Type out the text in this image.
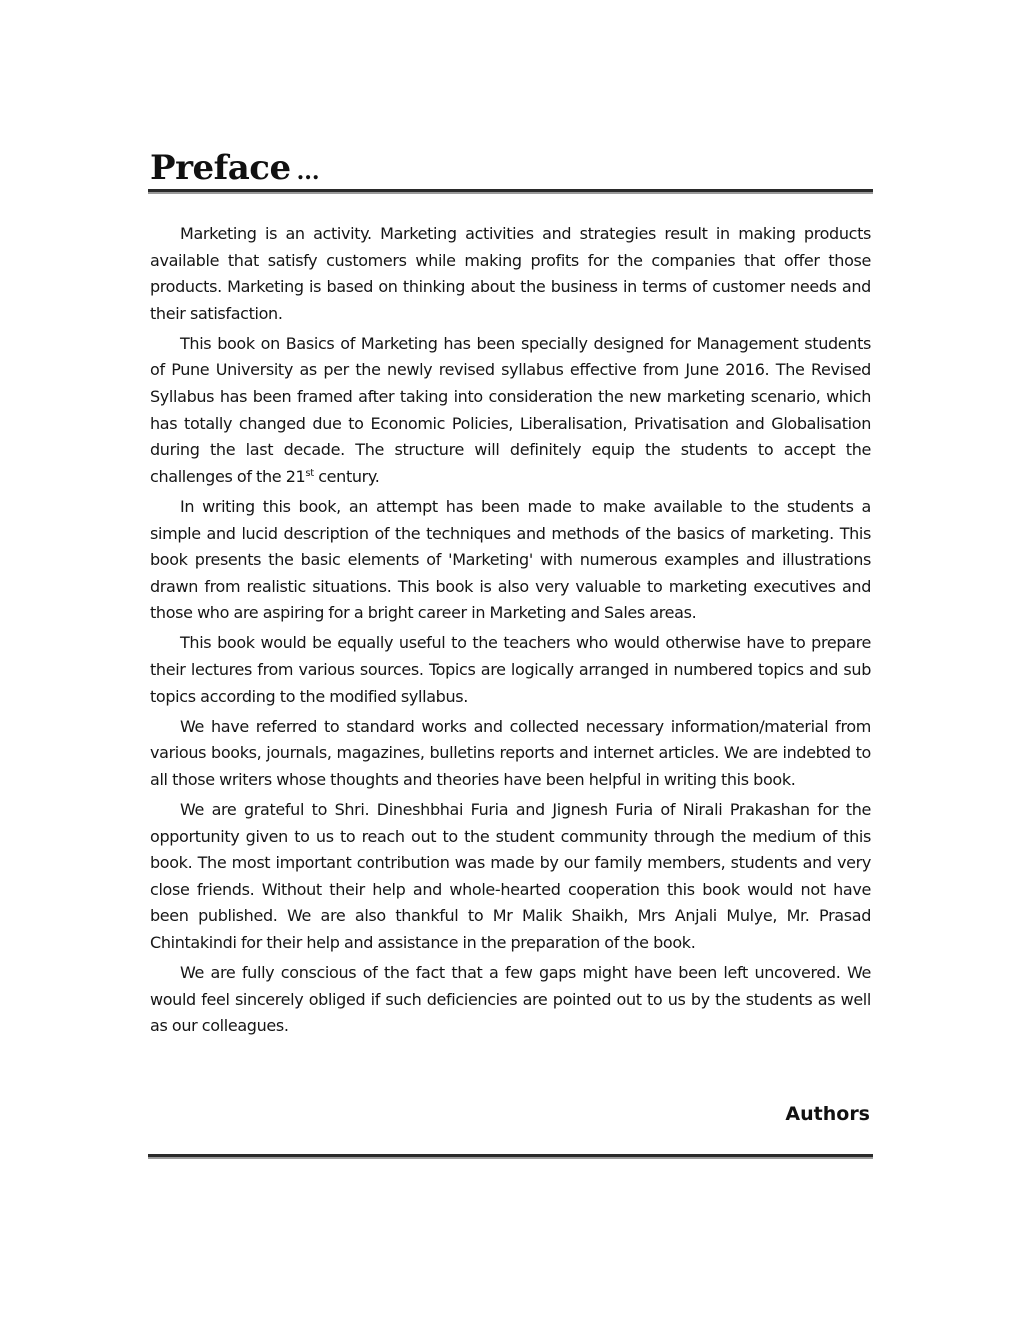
Preface ...

Marketing is an activity. Marketing activities and strategies result in making products available that satisfy customers while making profits for the companies that offer those products. Marketing is based on thinking about the business in terms of customer needs and their satisfaction.

This book on Basics of Marketing has been specially designed for Management students of Pune University as per the newly revised syllabus effective from June 2016. The Revised Syllabus has been framed after taking into consideration the new marketing scenario, which has totally changed due to Economic Policies, Liberalisation, Privatisation and Globalisation during the last decade. The structure will definitely equip the students to accept the challenges of the 21st century.

In writing this book, an attempt has been made to make available to the students a simple and lucid description of the techniques and methods of the basics of marketing. This book presents the basic elements of 'Marketing' with numerous examples and illustrations drawn from realistic situations. This book is also very valuable to marketing executives and those who are aspiring for a bright career in Marketing and Sales areas.

This book would be equally useful to the teachers who would otherwise have to prepare their lectures from various sources. Topics are logically arranged in numbered topics and sub topics according to the modified syllabus.

We have referred to standard works and collected necessary information/material from various books, journals, magazines, bulletins reports and internet articles. We are indebted to all those writers whose thoughts and theories have been helpful in writing this book.

We are grateful to Shri. Dineshbhai Furia and Jignesh Furia of Nirali Prakashan for the opportunity given to us to reach out to the student community through the medium of this book. The most important contribution was made by our family members, students and very close friends. Without their help and whole-hearted cooperation this book would not have been published. We are also thankful to Mr Malik Shaikh, Mrs Anjali Mulye, Mr. Prasad Chintakindi for their help and assistance in the preparation of the book.

We are fully conscious of the fact that a few gaps might have been left uncovered. We would feel sincerely obliged if such deficiencies are pointed out to us by the students as well as our colleagues.

Authors
